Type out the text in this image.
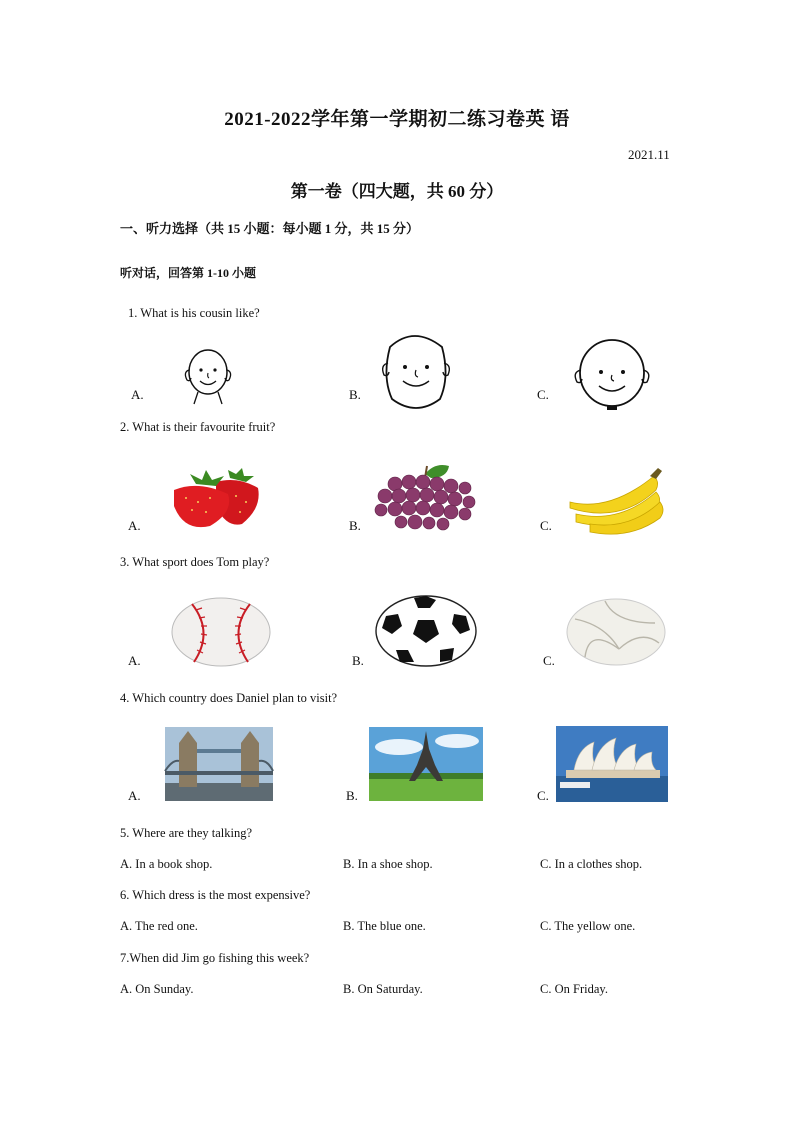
2021-2022学年第一学期初二练习卷英 语
2021.11
第一卷（四大题，共 60 分）
一、听力选择（共 15 小题：每小题 1 分，共 15 分）
听对话，回答第 1-10 小题
1. What is his cousin like?
A.	B.	C.
2. What is their favourite fruit?
A.	B.	C.
3. What sport does Tom play?
A.	B.	C.
4. Which country does Daniel plan to visit?
A.	B.	C.
5. Where are they talking?
A. In a book shop.	B. In a shoe shop.	C. In a clothes shop.
6. Which dress is the most expensive?
A. The red one.	B. The blue one.	C. The yellow one.
7.When did Jim go fishing this week?
A. On Sunday.	B. On Saturday.	C. On Friday.
